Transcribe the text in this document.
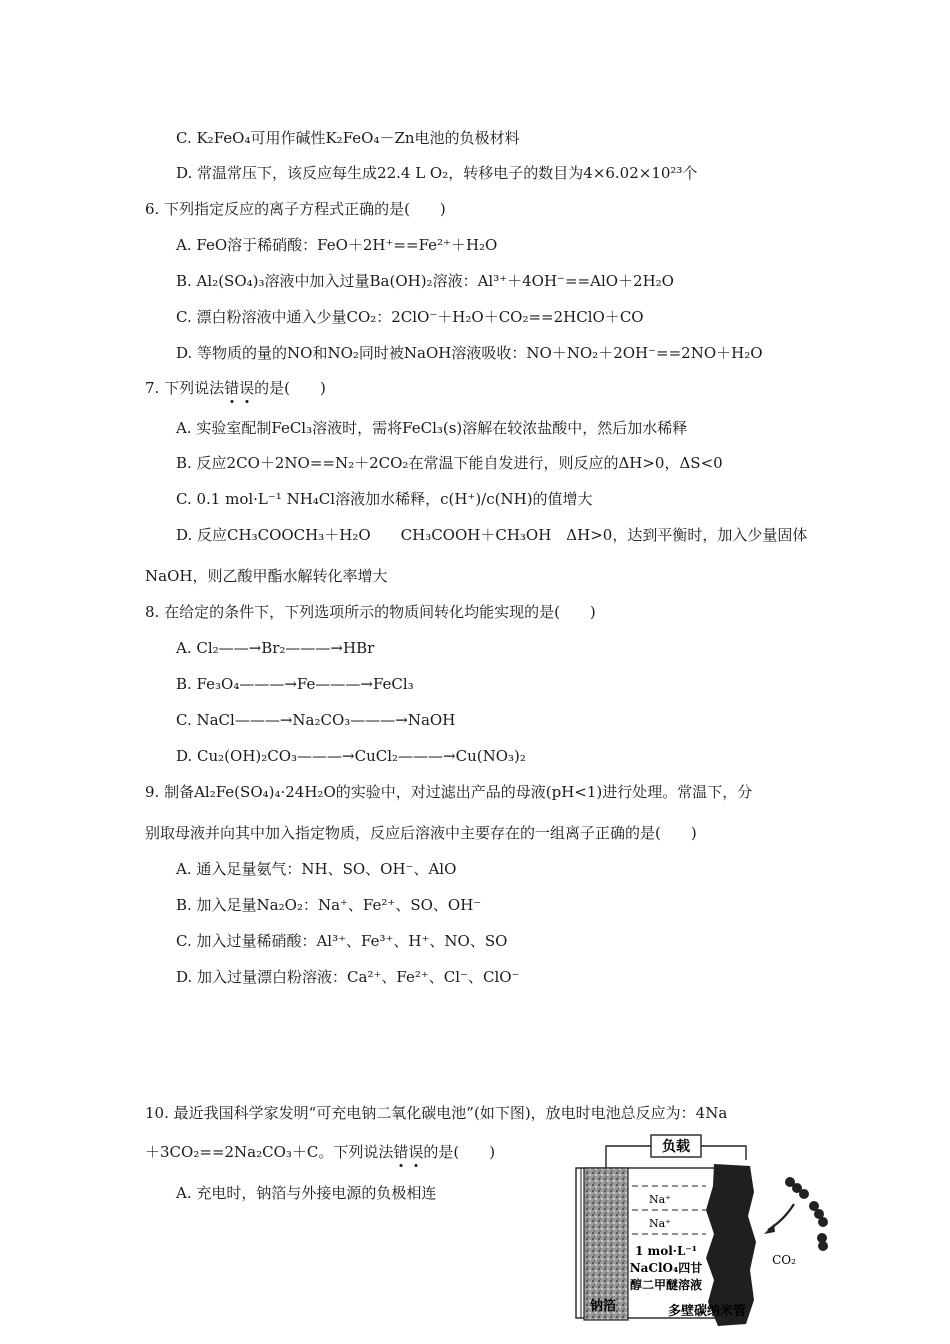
C. K₂FeO₄可用作碱性K₂FeO₄－Zn电池的负极材料
D. 常温常压下，该反应每生成22.4 L O₂，转移电子的数目为4×6.02×10²³个
6. 下列指定反应的离子方程式正确的是(　　)
A. FeO溶于稀硝酸：FeO＋2H⁺==Fe²⁺＋H₂O
B. Al₂(SO₄)₃溶液中加入过量Ba(OH)₂溶液：Al³⁺＋4OH⁻==AlO＋2H₂O
C. 漂白粉溶液中通入少量CO₂：2ClO⁻＋H₂O＋CO₂==2HClO＋CO
D. 等物质的量的NO和NO₂同时被NaOH溶液吸收：NO＋NO₂＋2OH⁻==2NO＋H₂O
7. 下列说法错误的是(　　)
A. 实验室配制FeCl₃溶液时，需将FeCl₃(s)溶解在较浓盐酸中，然后加水稀释
B. 反应2CO＋2NO==N₂＋2CO₂在常温下能自发进行，则反应的ΔH>0，ΔS<0
C. 0.1 mol·L⁻¹ NH₄Cl溶液加水稀释，c(H⁺)/c(NH)的值增大
D. 反应CH₃COOCH₃＋H₂O　　CH₃COOH＋CH₃OH　ΔH>0，达到平衡时，加入少量固体
NaOH，则乙酸甲酯水解转化率增大
8. 在给定的条件下，下列选项所示的物质间转化均能实现的是(　　)
A. Cl₂——→Br₂———→HBr
B. Fe₃O₄———→Fe———→FeCl₃
C. NaCl———→Na₂CO₃———→NaOH
D. Cu₂(OH)₂CO₃———→CuCl₂———→Cu(NO₃)₂
9. 制备Al₂Fe(SO₄)₄·24H₂O的实验中，对过滤出产品的母液(pH<1)进行处理。常温下，分
别取母液并向其中加入指定物质，反应后溶液中主要存在的一组离子正确的是(　　)
A. 通入足量氨气：NH、SO、OH⁻、AlO
B. 加入足量Na₂O₂：Na⁺、Fe²⁺、SO、OH⁻
C. 加入过量稀硝酸：Al³⁺、Fe³⁺、H⁺、NO、SO
D. 加入过量漂白粉溶液：Ca²⁺、Fe²⁺、Cl⁻、ClO⁻
10. 最近我国科学家发明“可充电钠二氧化碳电池”(如下图)，放电时电池总反应为：4Na
＋3CO₂==2Na₂CO₃＋C。下列说法错误的是(　　)
A. 充电时，钠箔与外接电源的负极相连
负载
Na⁺
Na⁺
1 mol·L⁻¹
NaClO₄四甘
醇二甲醚溶液
CO₂
钠箔	多壁碳纳米管
